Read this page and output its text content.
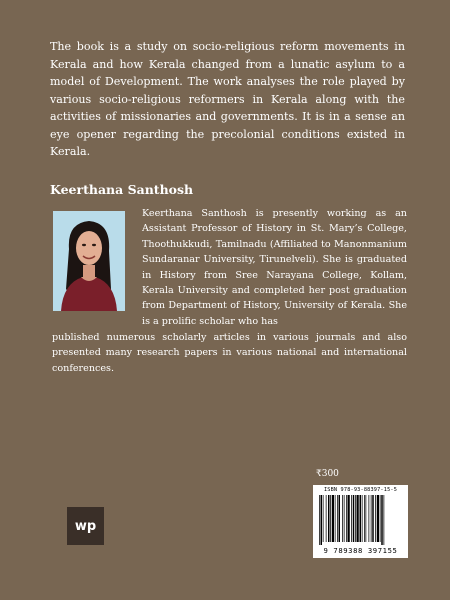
The book is a study on socio-religious reform movements in Kerala and how Kerala changed from a lunatic asylum to a model of Development. The work analyses the role played by various socio-religious reformers in Kerala along with the activities of missionaries and governments. It is in a sense an eye opener regarding the precolonial conditions existed in Kerala.

Keerthana Santhosh

Keerthana Santhosh is presently working as an Assistant Professor of History in St. Mary’s College, Thoothukkudi, Tamilnadu (Affiliated to Manonmanium Sundaranar University, Tirunelveli). She is graduated in History from Sree Narayana College, Kollam, Kerala University and completed her post graduation from Department of History, University of Kerala. She is a prolific scholar who has

published numerous scholarly articles in various journals and also presented many research papers in various national and international conferences.

₹300
ISBN 978-93-88397-15-5
9 789388 397155
wp
